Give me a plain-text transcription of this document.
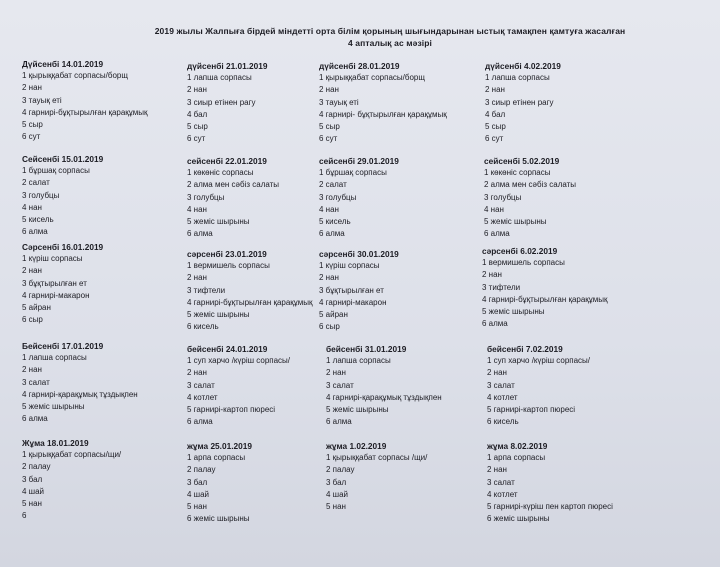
2019 жылы Жалпыға бірдей міндетті орта білім қорының шығындарынан ыстық тамақпен қамтуға жасалған
4 апталық ас мәзірі
Дүйсенбі 14.01.2019
1 қырыққабат сорпасы/борщ
2 нан
3 тауық еті
4 гарнирі-бұқтырылған қарақұмық
5 сыр
6 сут
Сейсенбі 15.01.2019
1 бұршақ сорпасы
2 салат
3 голубцы
4 нан
5 кисель
6 алма
Сәрсенбі 16.01.2019
1 күріш сорпасы
2 нан
3 бұқтырылған ет
4 гарнирі-макарон
5 айран
6 сыр
Бейсенбі 17.01.2019
1 лапша сорпасы
2 нан
3 салат
4 гарнирі-қарақұмық тұздықпен
5 жеміс шырыны
6 алма
Жұма 18.01.2019
1 қырыққабат сорпасы/щи/
2 палау
3 бал
4 шай
5 нан
6
дүйсенбі 21.01.2019
1 лапша сорпасы
2 нан
3 сиыр етінен рагу
4 бал
5 сыр
6 сут
сейсенбі 22.01.2019
1 көкөніс сорпасы
2 алма мен сәбіз салаты
3 голубцы
4 нан
5 жеміс шырыны
6 алма
сәрсенбі 23.01.2019
1 вермишель сорпасы
2 нан
3 тифтели
4 гарнирі-бұқтырылған қарақұмық
5 жеміс шырыны
6 кисель
бейсенбі 24.01.2019
1 суп харчо /күріш сорпасы/
2 нан
3 салат
4 котлет
5 гарнирі-картоп пюресі
6 алма
жұма 25.01.2019
1 арпа сорпасы
2 палау
3 бал
4 шай
5 нан
6 жеміс шырыны
дүйсенбі 28.01.2019
1 қырыққабат сорпасы/борщ
2 нан
3 тауық еті
4 гарнирі- бұқтырылған қарақұмық
5 сыр
6 сут
сейсенбі 29.01.2019
1 бұршақ сорпасы
2 салат
3 голубцы
4 нан
5 кисель
6 алма
сәрсенбі 30.01.2019
1 күріш сорпасы
2 нан
3 бұқтырылған ет
4 гарнирі-макарон
5 айран
6 сыр
бейсенбі 31.01.2019
1 лапша сорпасы
2 нан
3 салат
4 гарнирі-қарақұмық тұздықпен
5 жеміс шырыны
6 алма
жұма 1.02.2019
1 қырыққабат сорпасы /щи/
2 палау
3 бал
4 шай
5 нан
дүйсенбі 4.02.2019
1 лапша сорпасы
2 нан
3 сиыр етінен рагу
4 бал
5 сыр
6 сут
сейсенбі 5.02.2019
1 көкөніс сорпасы
2 алма мен сәбіз салаты
3 голубцы
4 нан
5 жеміс шырыны
6 алма
сәрсенбі 6.02.2019
1 вермишель сорпасы
2 нан
3 тифтели
4 гарнирі-бұқтырылған қарақұмық
5 жеміс шырыны
6 алма
бейсенбі 7.02.2019
1 суп харчо /күріш сорпасы/
2 нан
3 салат
4 котлет
5 гарнирі-картоп пюресі
6 кисель
жұма 8.02.2019
1 арпа сорпасы
2 нан
3 салат
4 котлет
5 гарнирі-күріш пен картоп пюресі
6 жеміс шырыны
